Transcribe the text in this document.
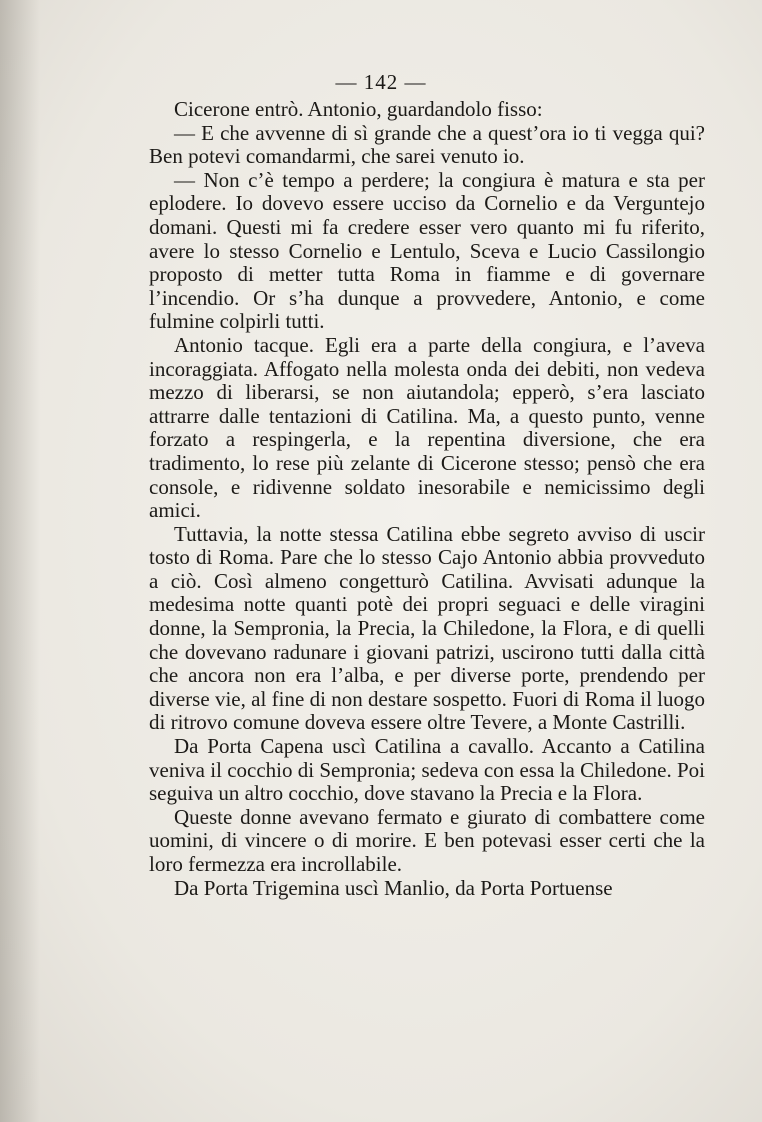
— 142 —

Cicerone entrò. Antonio, guardandolo fisso:

— E che avvenne di sì grande che a quest’ora io ti vegga qui? Ben potevi comandarmi, che sarei venuto io.

— Non c’è tempo a perdere; la congiura è matura e sta per eplodere. Io dovevo essere ucciso da Cornelio e da Verguntejo domani. Questi mi fa credere esser vero quanto mi fu riferito, avere lo stesso Cornelio e Lentulo, Sceva e Lucio Cassilongio proposto di metter tutta Roma in fiamme e di governare l’incendio. Or s’ha dunque a provvedere, Antonio, e come fulmine colpirli tutti.

Antonio tacque. Egli era a parte della congiura, e l’aveva incoraggiata. Affogato nella molesta onda dei debiti, non vedeva mezzo di liberarsi, se non aiutandola; epperò, s’era lasciato attrarre dalle tentazioni di Catilina. Ma, a questo punto, venne forzato a respingerla, e la repentina diversione, che era tradimento, lo rese più zelante di Cicerone stesso; pensò che era console, e ridivenne soldato inesorabile e nemicissimo degli amici.

Tuttavia, la notte stessa Catilina ebbe segreto avviso di uscir tosto di Roma. Pare che lo stesso Cajo Antonio abbia provveduto a ciò. Così almeno congetturò Catilina. Avvisati adunque la medesima notte quanti potè dei propri seguaci e delle viragini donne, la Sempronia, la Precia, la Chiledone, la Flora, e di quelli che dovevano radunare i giovani patrizi, uscirono tutti dalla città che ancora non era l’alba, e per diverse porte, prendendo per diverse vie, al fine di non destare sospetto. Fuori di Roma il luogo di ritrovo comune doveva essere oltre Tevere, a Monte Castrilli.

Da Porta Capena uscì Catilina a cavallo. Accanto a Catilina veniva il cocchio di Sempronia; sedeva con essa la Chiledone. Poi seguiva un altro cocchio, dove stavano la Precia e la Flora.

Queste donne avevano fermato e giurato di combattere come uomini, di vincere o di morire. E ben potevasi esser certi che la loro fermezza era incrollabile.

Da Porta Trigemina uscì Manlio, da Porta Portuense
